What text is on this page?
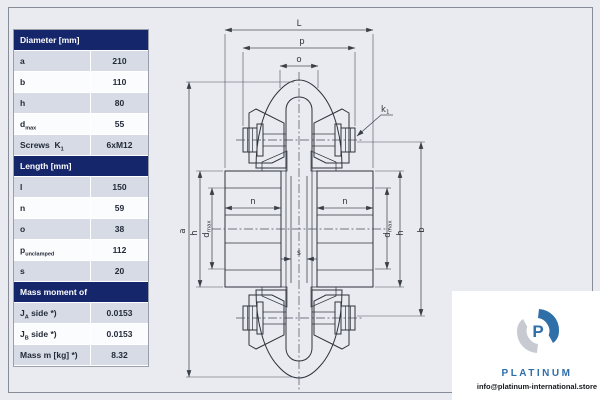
Diameter [mm]
a	210
b	110
h	80
$d_{max}$	55
Screws  $K_1$	6xM12
Length [mm]
l	150
n	59
o	38
$p_{unclamped}$	112
s	20
Mass moment of
$J_A$ side *)	0.0153
$J_B$ side *)	0.0153
Mass m [kg] *)	8.32
L
p
o
a h dmax
dmax
h
b
n	n
s
k1
P
PLATINUM
info@platinum-international.store
